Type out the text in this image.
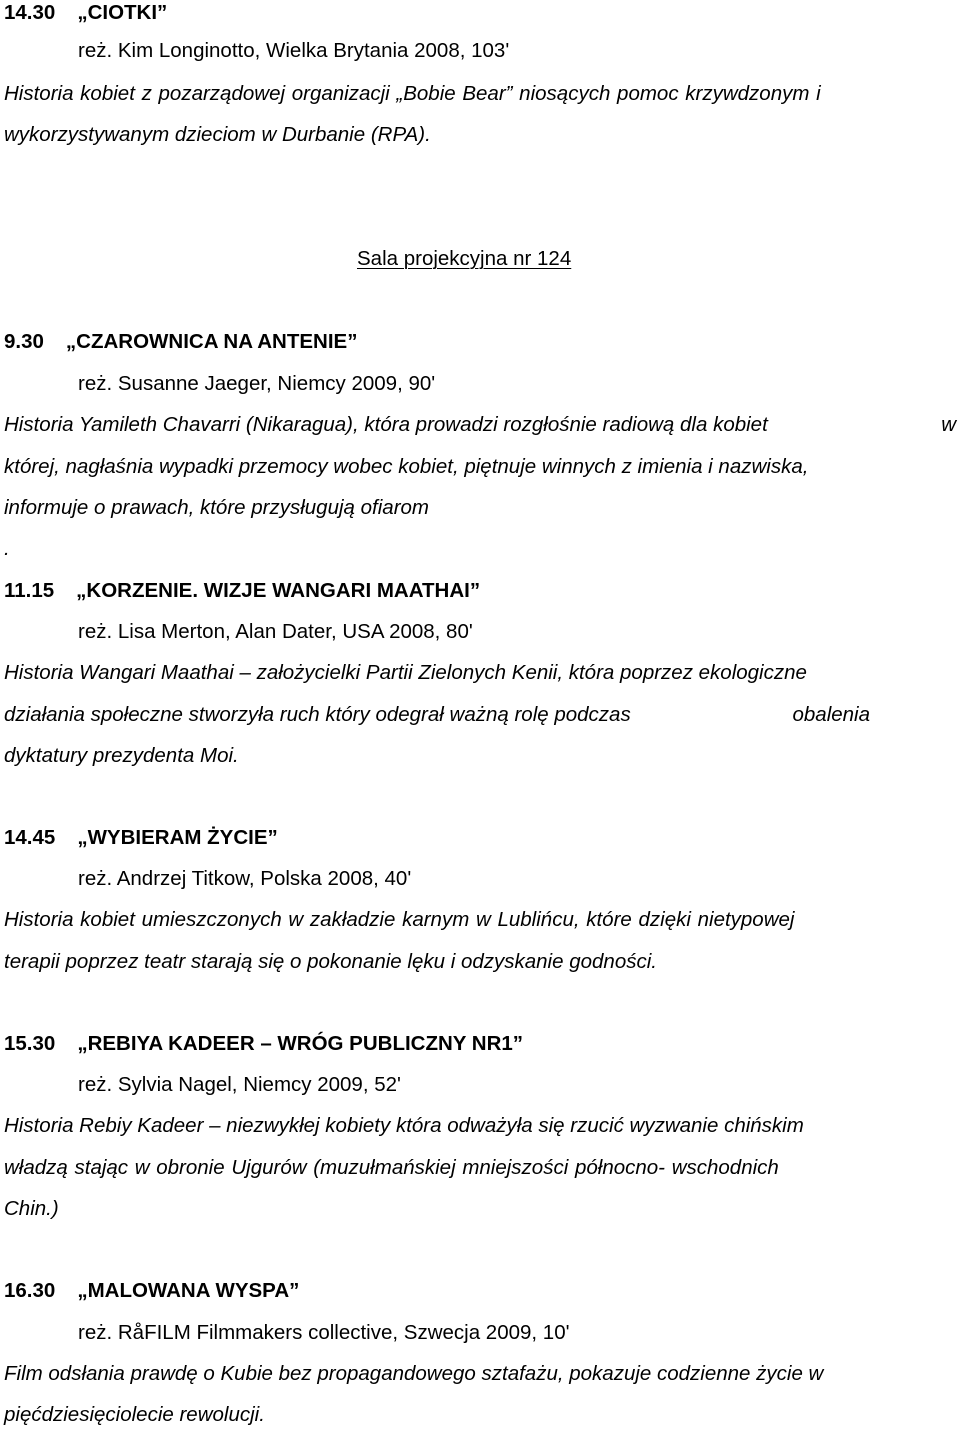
14.30 „CIOTKI”
reż. Kim Longinotto, Wielka Brytania 2008, 103'
Historia kobiet z pozarządowej organizacji „Bobie Bear” niosących pomoc krzywdzonym i
wykorzystywanym dzieciom w Durbanie (RPA).
Sala projekcyjna nr 124
9.30 „CZAROWNICA NA ANTENIE”
reż. Susanne Jaeger, Niemcy 2009, 90'
Historia Yamileth Chavarri (Nikaragua), która prowadzi rozgłośnie radiową dla kobiet	w
której, nagłaśnia wypadki przemocy wobec kobiet, piętnuje winnych z imienia i nazwiska,
informuje o prawach, które przysługują ofiarom
.
11.15 „KORZENIE. WIZJE WANGARI MAATHAI”
reż. Lisa Merton, Alan Dater, USA 2008, 80'
Historia Wangari Maathai – założycielki Partii Zielonych Kenii, która poprzez ekologiczne
działania społeczne stworzyła ruch który odegrał ważną rolę podczas	obalenia
dyktatury prezydenta Moi.
14.45 „WYBIERAM ŻYCIE”
reż. Andrzej Titkow, Polska 2008, 40'
Historia kobiet umieszczonych w zakładzie karnym w Lublińcu, które dzięki nietypowej
terapii poprzez teatr starają się o pokonanie lęku i odzyskanie godności.
15.30 „REBIYA KADEER – WRÓG PUBLICZNY NR1”
reż. Sylvia Nagel, Niemcy 2009, 52'
Historia Rebiy Kadeer – niezwykłej kobiety która odważyła się rzucić wyzwanie chińskim
władzą stając w obronie Ujgurów (muzułmańskiej mniejszości północno- wschodnich
Chin.)
16.30 „MALOWANA WYSPA”
reż. RåFILM Filmmakers collective, Szwecja 2009, 10'
Film odsłania prawdę o Kubie bez propagandowego sztafażu, pokazuje codzienne życie w
pięćdziesięciolecie rewolucji.
